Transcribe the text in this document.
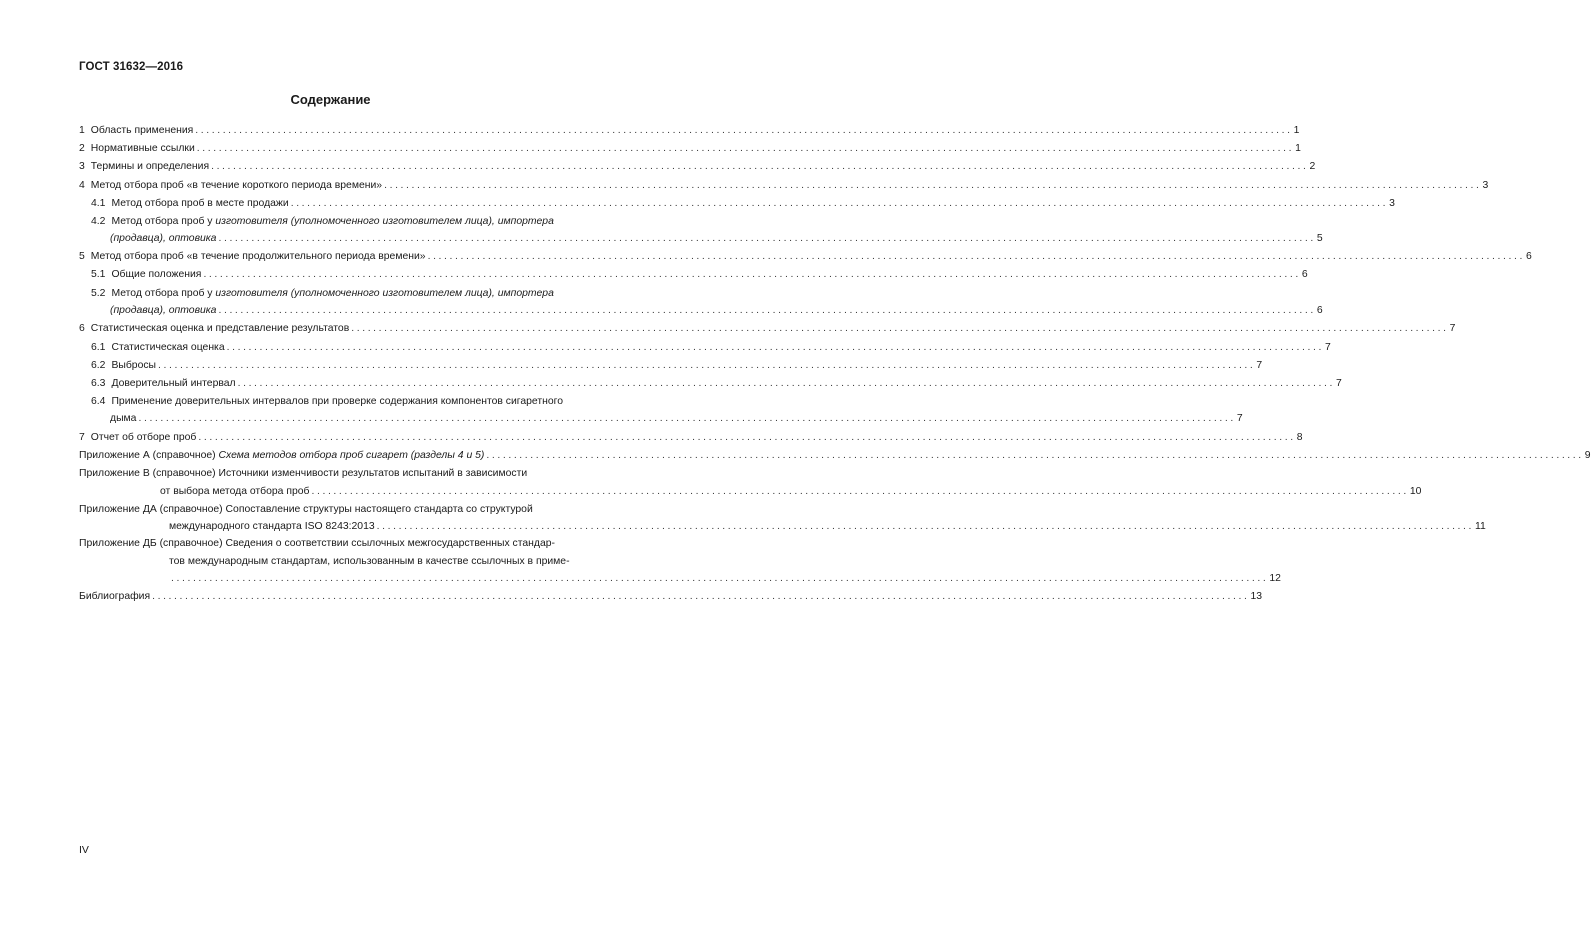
ГОСТ 31632—2016
Содержание
1 Область применения ........................................................................................................................................................................................................ 1
2 Нормативные ссылки ........................................................................................................................................................................................................ 1
3 Термины и определения ........................................................................................................................................................................................................ 2
4 Метод отбора проб «в течение короткого периода времени» ........................................................................................................................................................................................................ 3
4.1 Метод отбора проб в месте продажи ........................................................................................................................................................................................................ 3
4.2 Метод отбора проб у изготовителя (уполномоченного изготовителем лица), импортера
(продавца), оптовика ........................................................................................................................................................................................................ 5
5 Метод отбора проб «в течение продолжительного периода времени» ........................................................................................................................................................................................................ 6
5.1 Общие положения ........................................................................................................................................................................................................ 6
5.2 Метод отбора проб у изготовителя (уполномоченного изготовителем лица), импортера
(продавца), оптовика ........................................................................................................................................................................................................ 6
6 Статистическая оценка и представление результатов ........................................................................................................................................................................................................ 7
6.1 Статистическая оценка ........................................................................................................................................................................................................ 7
6.2 Выбросы ........................................................................................................................................................................................................ 7
6.3 Доверительный интервал ........................................................................................................................................................................................................ 7
6.4 Применение доверительных интервалов при проверке содержания компонентов сигаретного
дыма ........................................................................................................................................................................................................ 7
7 Отчет об отборе проб ........................................................................................................................................................................................................ 8
Приложение А (справочное) Схема методов отбора проб сигарет (разделы 4 и 5) ........................................................................................................................................................................................................ 9
Приложение В (справочное) Источники изменчивости результатов испытаний в зависимости
от выбора метода отбора проб ........................................................................................................................................................................................................ 10
Приложение ДА (справочное) Сопоставление структуры настоящего стандарта со структурой
международного стандарта ISO 8243:2013 ........................................................................................................................................................................................................ 11
Приложение ДБ (справочное) Сведения о соответствии ссылочных межгосударственных стандар-
тов международным стандартам, использованным в качестве ссылочных в приме-
........................................................................................................................................................................................................ 12
Библиография ........................................................................................................................................................................................................ 13
IV
